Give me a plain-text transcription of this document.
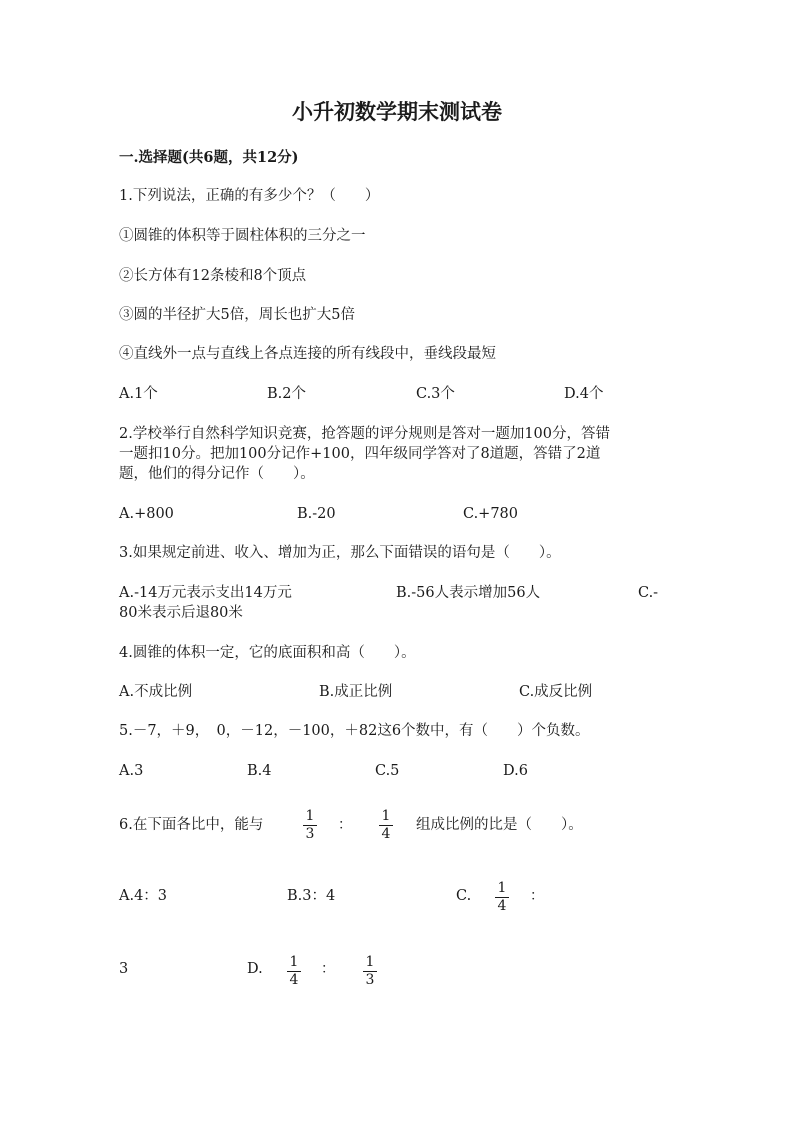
小升初数学期末测试卷
一.选择题(共6题，共12分)
1.下列说法，正确的有多少个？（　　）
①圆锥的体积等于圆柱体积的三分之一
②长方体有12条棱和8个顶点
③圆的半径扩大5倍，周长也扩大5倍
④直线外一点与直线上各点连接的所有线段中，垂线段最短
A.1个	B.2个	C.3个	D.4个
2.学校举行自然科学知识竞赛，抢答题的评分规则是答对一题加100分，答错
一题扣10分。把加100分记作+100，四年级同学答对了8道题，答错了2道
题，他们的得分记作（　　）。
A.+800	B.-20	C.+780
3.如果规定前进、收入、增加为正，那么下面错误的语句是（　　）。
A.-14万元表示支出14万元	B.-56人表示增加56人	C.-
80米表示后退80米
4.圆锥的体积一定，它的底面积和高（　　）。
A.不成比例	B.成正比例	C.成反比例
5.－7，＋9，　0，－12，－100，＋82这6个数中，有（　　）个负数。
A.3	B.4	C.5	D.6
6.在下面各比中，能与
1
3
：
1
4
组成比例的比是（　　）。
A.4：3	B.3：4	C.	1
4
：
3	D.	1
4
：	1
3
